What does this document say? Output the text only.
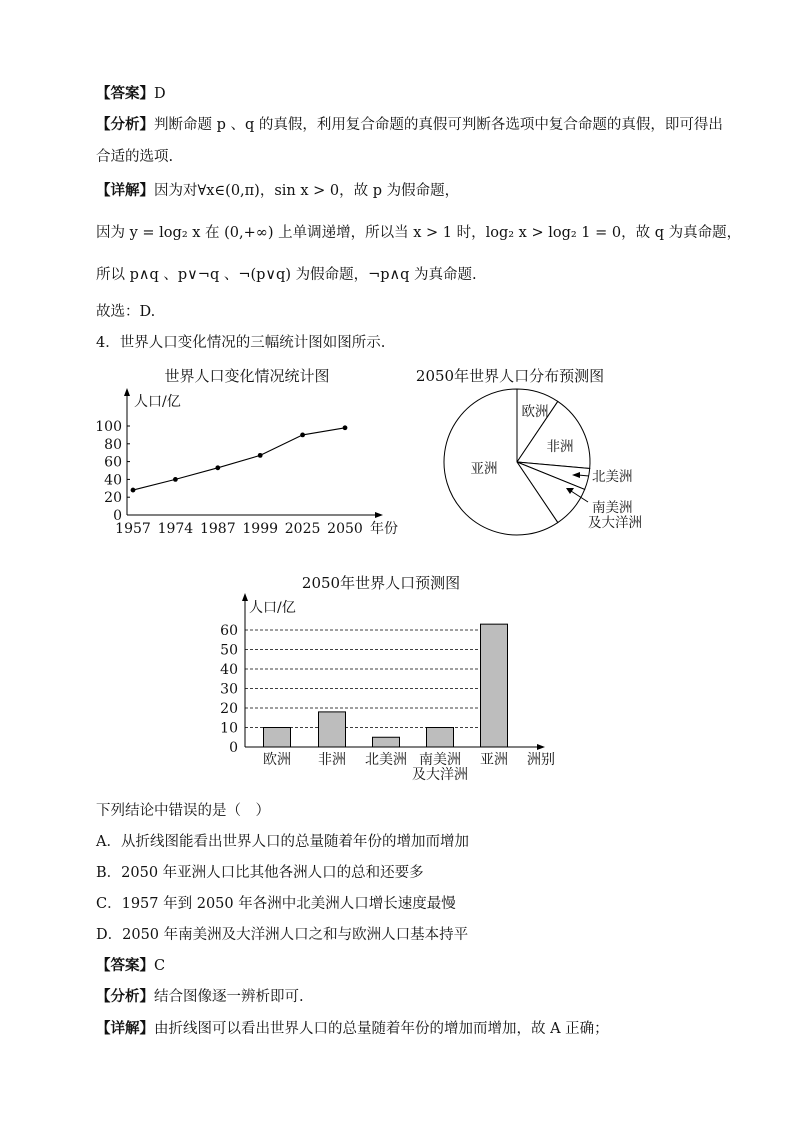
【答案】D
【分析】判断命题 p 、q 的真假，利用复合命题的真假可判断各选项中复合命题的真假，即可得出
合适的选项.
【详解】因为对∀x∈(0,π)，sin x > 0，故 p 为假命题，
因为 y = log₂ x 在 (0,+∞) 上单调递增，所以当 x > 1 时，log₂ x > log₂ 1 = 0，故 q 为真命题，
所以 p∧q 、p∨¬q 、¬(p∨q) 为假命题，¬p∧q 为真命题.
故选：D.
4．世界人口变化情况的三幅统计图如图所示.
世界人口变化情况统计图
人口/亿
0
20
40
60
80
100
1957 1974 1987 1999 2025 2050 年份
2050年世界人口分布预测图
欧洲
非洲
北美洲
南美洲
及大洋洲
亚洲
2050年世界人口预测图
人口/亿
0
10
20
30
40
50
60
欧洲 非洲 北美洲 南美洲
及大洋洲
亚洲 洲别
下列结论中错误的是（　）
A．从折线图能看出世界人口的总量随着年份的增加而增加
B．2050 年亚洲人口比其他各洲人口的总和还要多
C．1957 年到 2050 年各洲中北美洲人口增长速度最慢
D．2050 年南美洲及大洋洲人口之和与欧洲人口基本持平
【答案】C
【分析】结合图像逐一辨析即可.
【详解】由折线图可以看出世界人口的总量随着年份的增加而增加，故 A 正确；
